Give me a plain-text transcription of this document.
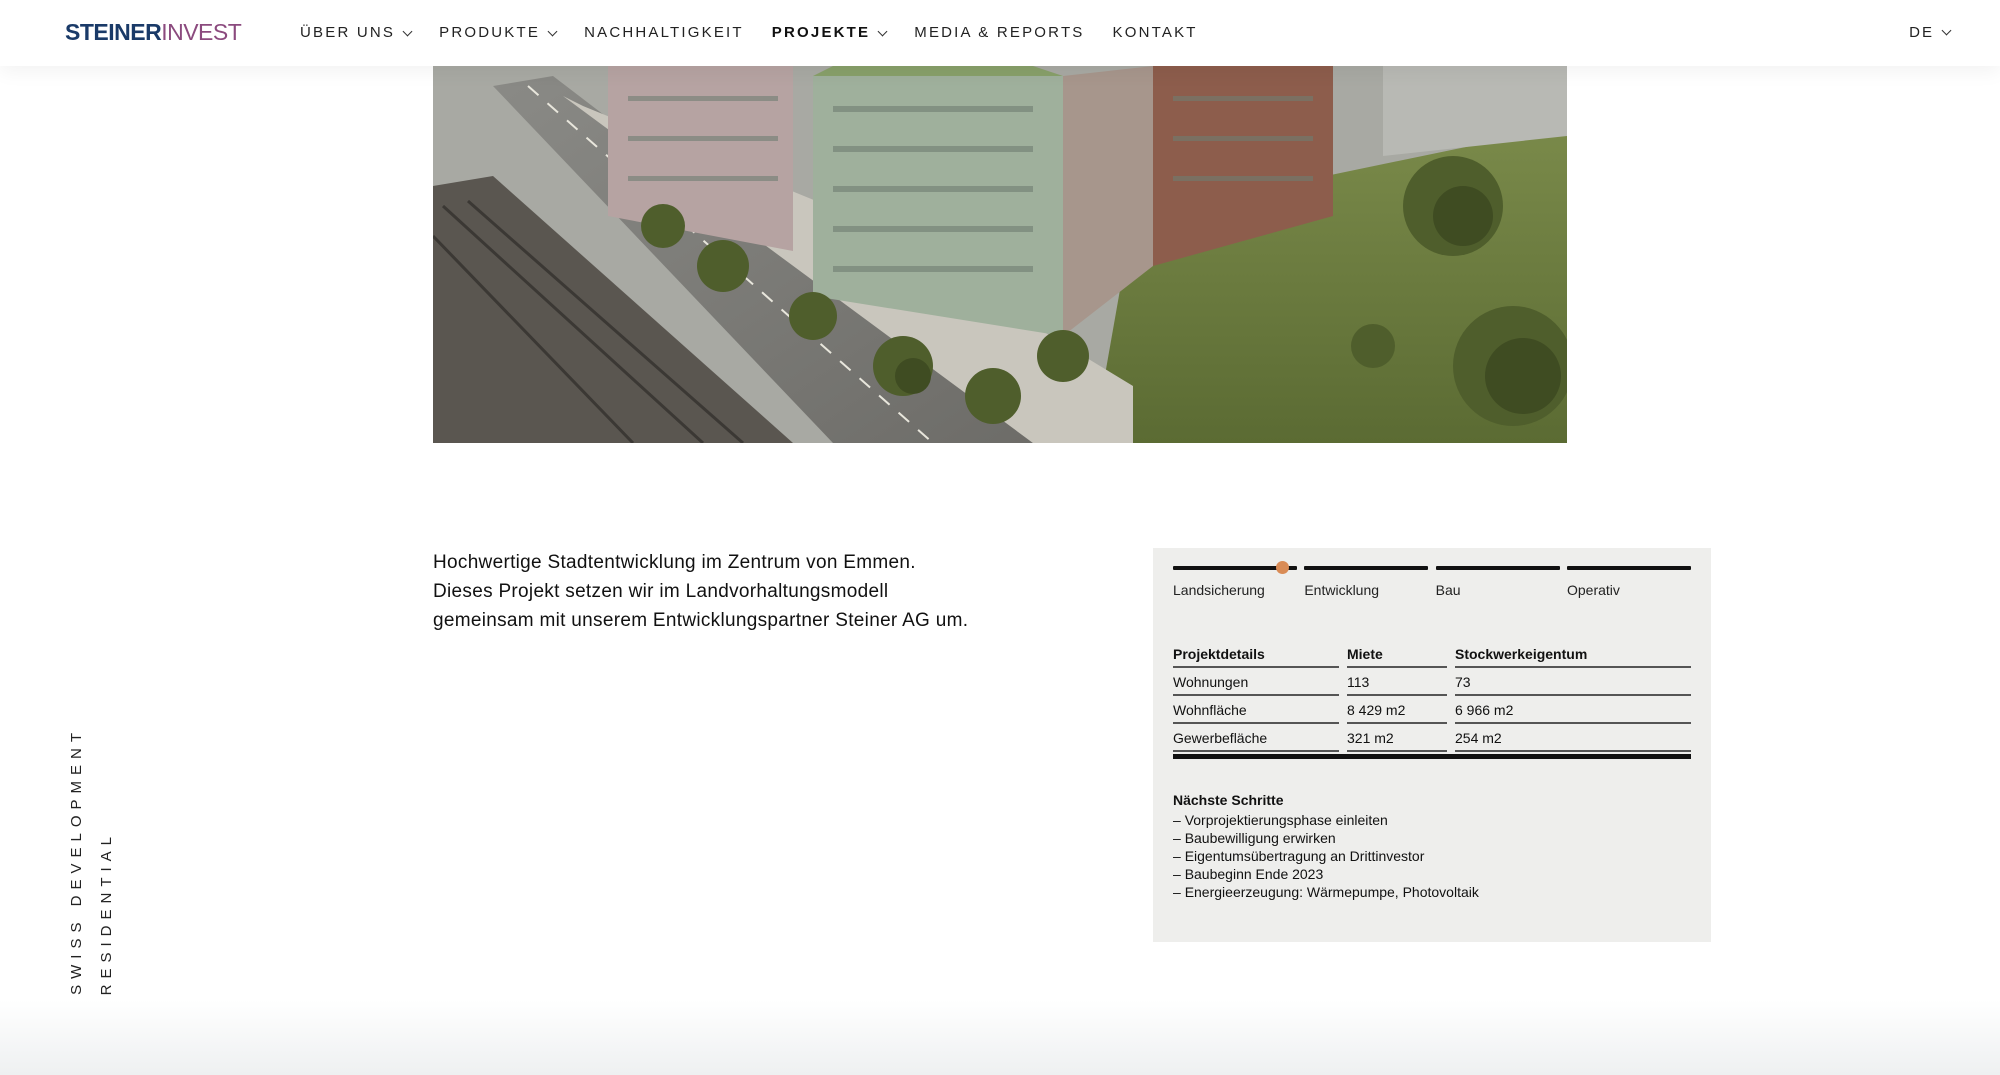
STEINERINVEST	ÜBER UNS	PRODUKTE	NACHHALTIGKEIT PROJEKTE	MEDIA & REPORTS KONTAKT	DE

Hochwertige Stadtentwicklung im Zentrum von Emmen.

Dieses Projekt setzen wir im Landvorhaltungsmodell

gemeinsam mit unserem Entwicklungspartner Steiner AG um.

SWISS DEVELOPMENT RESIDENTIAL
Landsicherung	Entwicklung	Bau	Operativ
Projektdetails	Miete	Stockwerkeigentum
Wohnungen	113	73
Wohnfläche	8 429 m2	6 966 m2
Gewerbefläche	321 m2	254 m2
Nächste Schritte
– Vorprojektierungsphase einleiten
– Baubewilligung erwirken
– Eigentumsübertragung an Drittinvestor
– Baubeginn Ende 2023
– Energieerzeugung: Wärmepumpe, Photovoltaik
